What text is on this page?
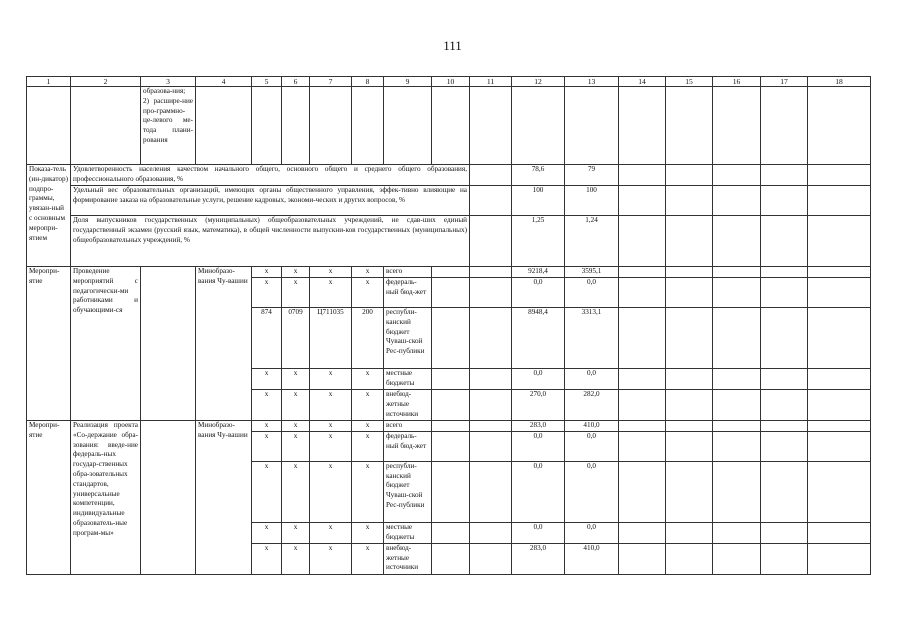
111
1	2	3	4	5	6	7	8	9	10	11	12	13	14	15	16	17	18
		образова-ния; 2) расшире-ние про-граммно-це-левого ме-тода плани-рования															
Показа-тель (ин-дикатор) подпро-граммы, увязан-ный с основным меропри-ятием	Удовлетворенность населения качеством начального общего, основного общего и среднего общего образования, профессионального образования, %										78,6	79					
	Удельный вес образовательных организаций, имеющих органы общественного управления, эффек-тивно влияющие на формирование заказа на образовательные услуги, решение кадровых, экономи-ческих и других вопросов, %										100	100					
	Доля выпускников государственных (муниципальных) общеобразовательных учреждений, не сдав-ших единый государственный экзамен (русский язык, математика), в общей численности выпускни-ков государственных (муниципальных) общеобразовательных учреждений, %										1,25	1,24					
Меропри-ятие	Проведение мероприятий с педагогически-ми работниками и обучающими-ся		Минобразо-вания Чу-вашии	x	x	x	x	всего			9218,4	3595,1					
				x	x	x	x	федераль-ный бюд-жет			0,0	0,0					
				874	0709	Ц711035	200	республи-канский бюджет Чуваш-ской Рес-публики			8948,4	3313,1					
				x	x	x	x	местные бюджеты			0,0	0,0					
				x	x	x	x	внебюд-жетные источники			270,0	282,0					
Меропри-ятие	Реализация проекта «Со-держание обра-зования: введе-ние федераль-ных государ-ственных обра-зовательных стандартов, универсальные компетенции, индивидуальные образователь-ные програм-мы»		Минобразо-вания Чу-вашии	x	x	x	x	всего			283,0	410,0					
				x	x	x	x	федераль-ный бюд-жет			0,0	0,0					
				x	x	x	x	республи-канский бюджет Чуваш-ской Рес-публики			0,0	0,0					
				x	x	x	x	местные бюджеты			0,0	0,0					
				x	x	x	x	внебюд-жетные источники			283,0	410,0					
